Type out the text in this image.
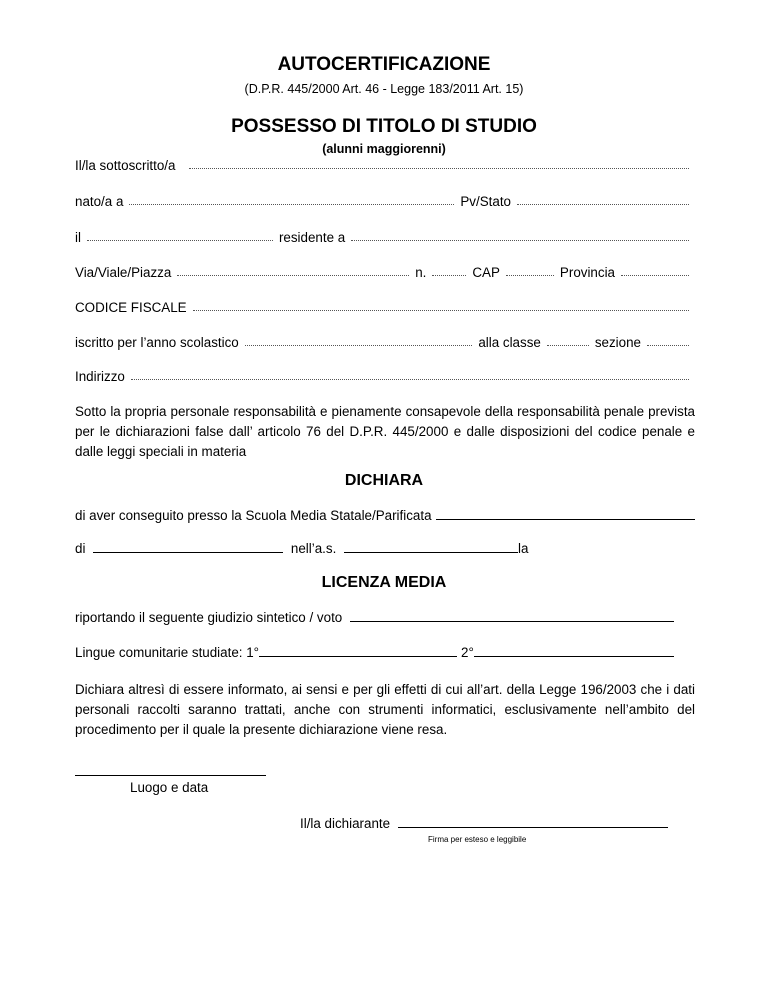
AUTOCERTIFICAZIONE
(D.P.R. 445/2000 Art. 46 - Legge 183/2011 Art. 15)
POSSESSO DI TITOLO DI STUDIO
(alunni maggiorenni)
Il/la sottoscritto/a
nato/a a	Pv/Stato
il	residente a
Via/Viale/Piazza	n.	CAP	Provincia
CODICE FISCALE
iscritto per l’anno scolastico	alla classe	sezione
Indirizzo
Sotto la propria personale responsabilità e pienamente consapevole della responsabilità penale prevista per le dichiarazioni false dall’ articolo 76 del D.P.R. 445/2000 e dalle disposizioni del codice penale e dalle leggi speciali in materia
DICHIARA
di aver conseguito presso la Scuola Media Statale/Parificata
di	nell’a.s.	la
LICENZA MEDIA
riportando il seguente giudizio sintetico / voto
Lingue comunitarie studiate: 1°	2°
Dichiara altresì di essere informato, ai sensi e per gli effetti di cui all’art. della Legge 196/2003 che i dati personali raccolti saranno trattati, anche con strumenti informatici, esclusivamente nell’ambito del procedimento per il quale la presente dichiarazione viene resa.
Luogo e data
Il/la dichiarante
Firma per esteso e leggibile
